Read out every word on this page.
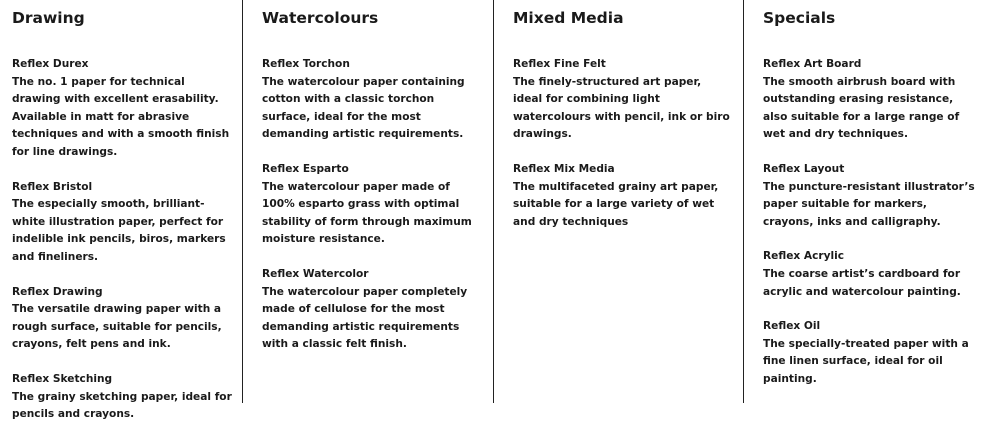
Drawing

Reflex Durex

The no. 1 paper for technical drawing with excellent erasability. Available in matt for abrasive techniques and with a smooth finish for line drawings.

Reflex Bristol

The especially smooth, brilliant-white illustration paper, perfect for indelible ink pencils, biros, markers and fineliners.

Reflex Drawing

The versatile drawing paper with a rough surface, suitable for pencils, crayons, felt pens and ink.

Reflex Sketching

The grainy sketching paper, ideal for pencils and crayons.

Watercolours

Reflex Torchon

The watercolour paper containing cotton with a classic torchon surface, ideal for the most demanding artistic requirements.

Reflex Esparto

The watercolour paper made of 100% esparto grass with optimal stability of form through maximum moisture resistance.

Reflex Watercolor

The watercolour paper completely made of cellulose for the most demanding artistic requirements with a classic felt finish.

Mixed Media

Reflex Fine Felt

The finely-structured art paper, ideal for combining light watercolours with pencil, ink or biro drawings.

Reflex Mix Media

The multifaceted grainy art paper, suitable for a large variety of wet and dry techniques

Specials

Reflex Art Board

The smooth airbrush board with outstanding erasing resistance, also suitable for a large range of wet and dry techniques.

Reflex Layout

The puncture-resistant illustrator’s paper suitable for markers, crayons, inks and calligraphy.

Reflex Acrylic

The coarse artist’s cardboard for acrylic and watercolour painting.

Reflex Oil

The specially-treated paper with a fine linen surface, ideal for oil painting.
